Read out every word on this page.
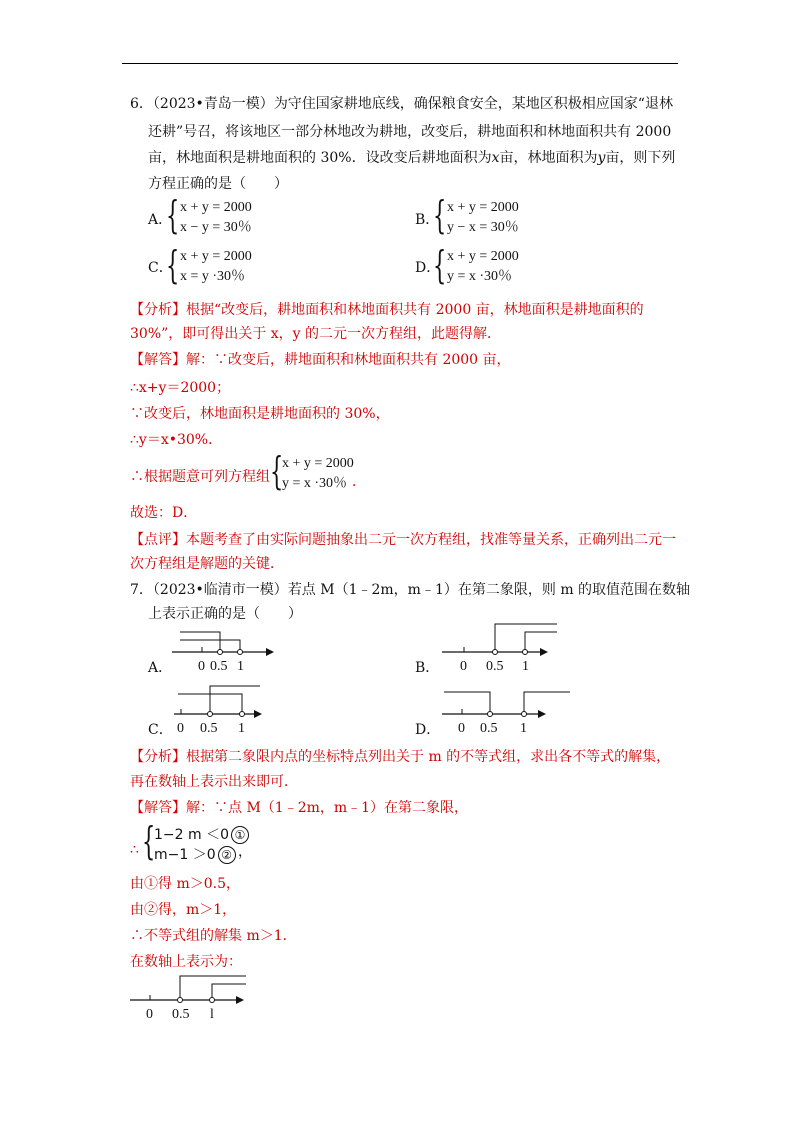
6．（2023•青岛一模）为守住国家耕地底线，确保粮食安全，某地区积极相应国家“退林
还耕”号召，将该地区一部分林地改为耕地，改变后，耕地面积和林地面积共有 2000
亩，林地面积是耕地面积的 30%．设改变后耕地面积为x亩，林地面积为y亩，则下列
方程正确的是（　　）
A．
{ x + y = 2000
x − y = 30％	B．
{ x + y = 2000
y − x = 30％
C．
{ x + y = 2000
x = y ·30％
D．
{ x + y = 2000
y = x ·30％
【分析】根据“改变后，耕地面积和林地面积共有 2000 亩，林地面积是耕地面积的
30%”，即可得出关于 x，y 的二元一次方程组，此题得解．
【解答】解：∵改变后，耕地面积和林地面积共有 2000 亩，
∴x+y＝2000；
∵改变后，林地面积是耕地面积的 30%，
∴y＝x•30%．
∴根据题意可列方程组 {
x + y = 2000
y = x ·30％ ．
故选：D．
【点评】本题考查了由实际问题抽象出二元一次方程组，找准等量关系，正确列出二元一
次方程组是解题的关键．
7．（2023•临清市一模）若点 M（1﹣2m，m﹣1）在第二象限，则 m 的取值范围在数轴
上表示正确的是（　　）
A． 0 0.5 1	B． 0 0.5 1
C． 0 0.5 1	D． 0 0.5 1
【分析】根据第二象限内点的坐标特点列出关于 m 的不等式组，求出各不等式的解集，
再在数轴上表示出来即可．
【解答】解：∵点 M（1﹣2m，m﹣1）在第二象限，
∴ {
1−2 m ＜0 ①
m−1 ＞0 ② ，
由①得 m＞0.5，
由②得，m＞1，
∴不等式组的解集 m＞1．
在数轴上表示为：
0 0.5 l
